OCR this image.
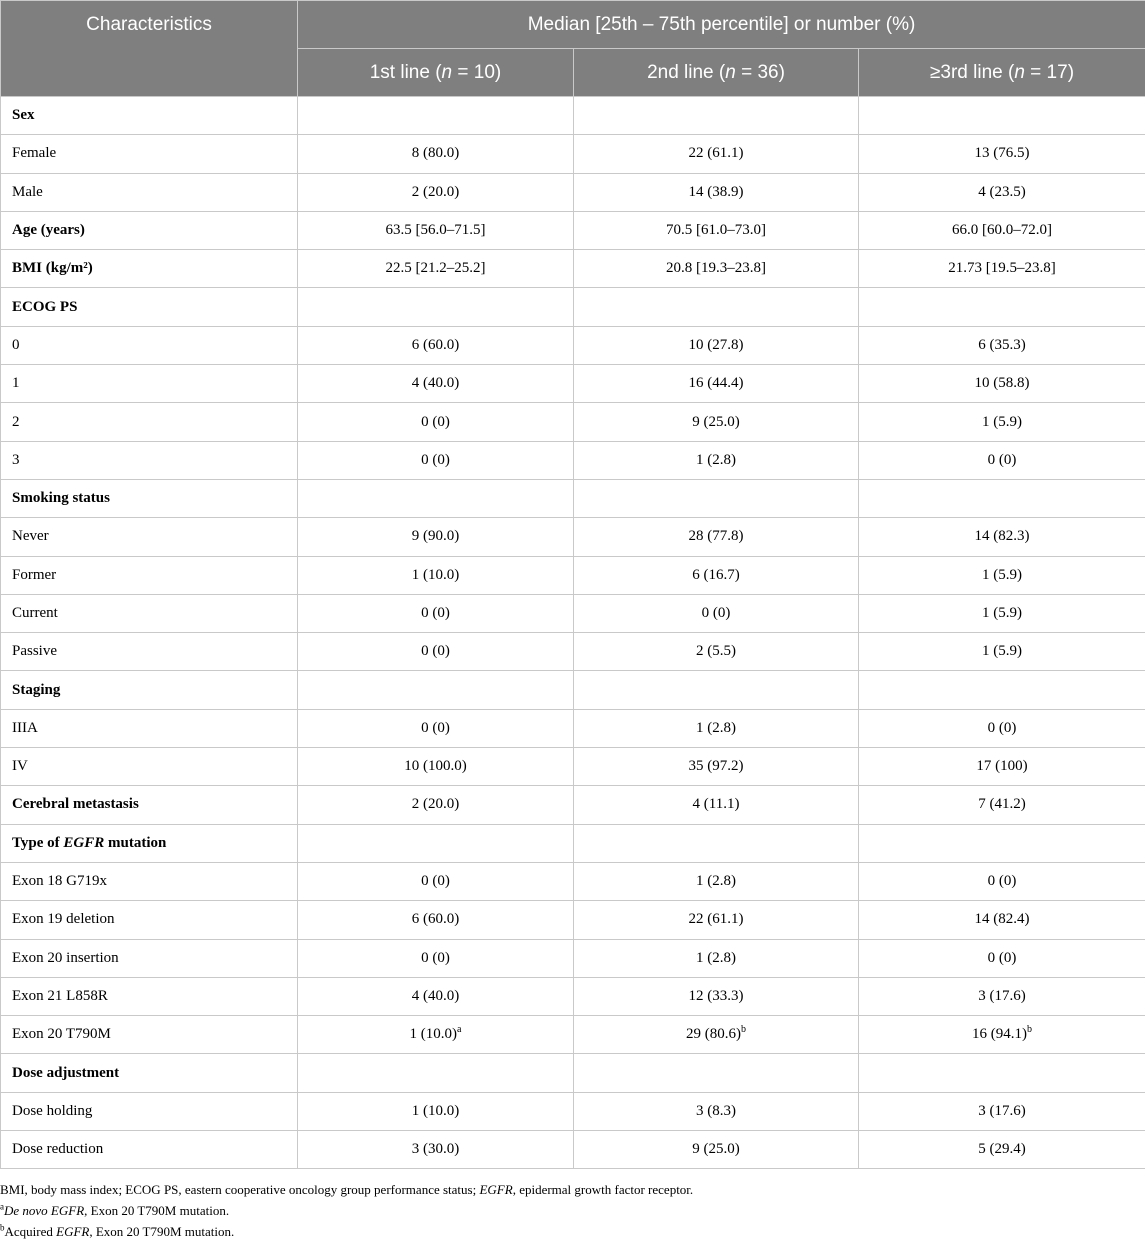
Characteristics	Median [25th – 75th percentile] or number (%)		
	1st line (n = 10)	2nd line (n = 36)	≥3rd line (n = 17)
Sex			
Female	8 (80.0)	22 (61.1)	13 (76.5)
Male	2 (20.0)	14 (38.9)	4 (23.5)
Age (years)	63.5 [56.0–71.5]	70.5 [61.0–73.0]	66.0 [60.0–72.0]
BMI (kg/m²)	22.5 [21.2–25.2]	20.8 [19.3–23.8]	21.73 [19.5–23.8]
ECOG PS			
0	6 (60.0)	10 (27.8)	6 (35.3)
1	4 (40.0)	16 (44.4)	10 (58.8)
2	0 (0)	9 (25.0)	1 (5.9)
3	0 (0)	1 (2.8)	0 (0)
Smoking status			
Never	9 (90.0)	28 (77.8)	14 (82.3)
Former	1 (10.0)	6 (16.7)	1 (5.9)
Current	0 (0)	0 (0)	1 (5.9)
Passive	0 (0)	2 (5.5)	1 (5.9)
Staging			
IIIA	0 (0)	1 (2.8)	0 (0)
IV	10 (100.0)	35 (97.2)	17 (100)
Cerebral metastasis	2 (20.0)	4 (11.1)	7 (41.2)
Type of EGFR mutation			
Exon 18 G719x	0 (0)	1 (2.8)	0 (0)
Exon 19 deletion	6 (60.0)	22 (61.1)	14 (82.4)
Exon 20 insertion	0 (0)	1 (2.8)	0 (0)
Exon 21 L858R	4 (40.0)	12 (33.3)	3 (17.6)
Exon 20 T790M	1 $(10.0)^a$	29 $(80.6)^b$	16 $(94.1)^b$
Dose adjustment			
Dose holding	1 (10.0)	3 (8.3)	3 (17.6)
Dose reduction	3 (30.0)	9 (25.0)	5 (29.4)

BMI, body mass index; ECOG PS, eastern cooperative oncology group performance status; EGFR, epidermal growth factor receptor.

$^a$De novo EGFR, Exon 20 T790M mutation.

$^b$Acquired EGFR, Exon 20 T790M mutation.
